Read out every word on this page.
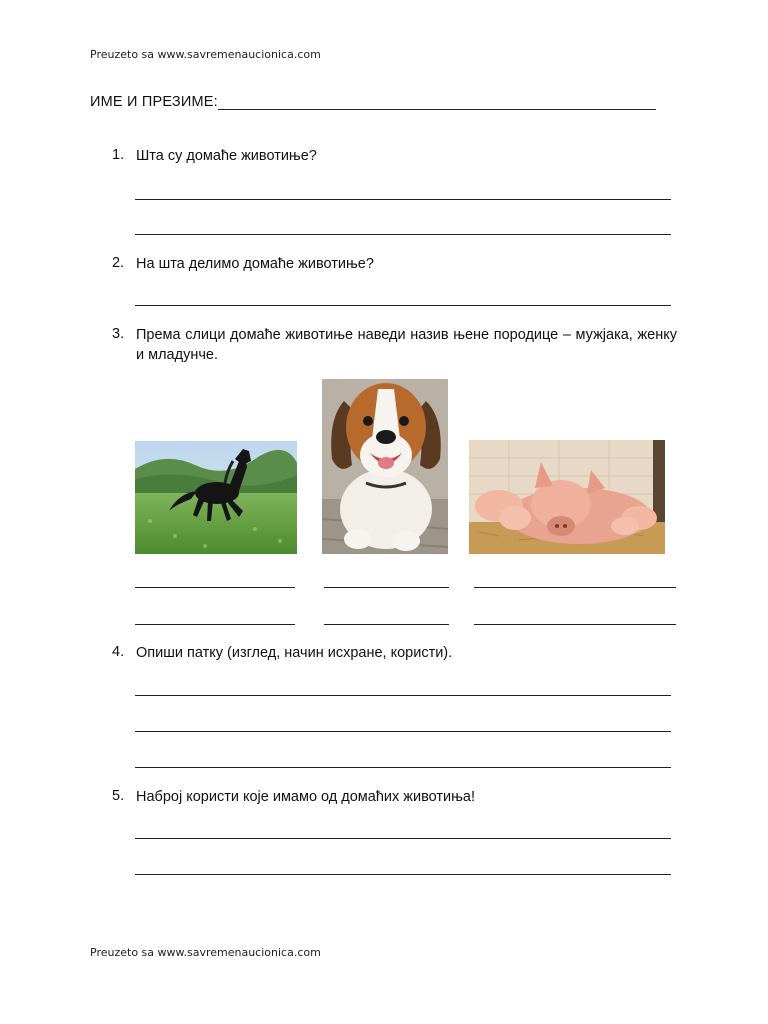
Preuzeto sa www.savremenaucionica.com
ИМЕ И ПРЕЗИМЕ:
1. Шта су домаће животиње?
2. На шта делимо домаће животиње?
3. Према слици домаће животиње наведи назив њене породице – мужјака, женку и младунче.
4. Опиши патку (изглед, начин исхране, користи).
5. Наброј користи које имамо од домаћих животиња!
Preuzeto sa www.savremenaucionica.com
